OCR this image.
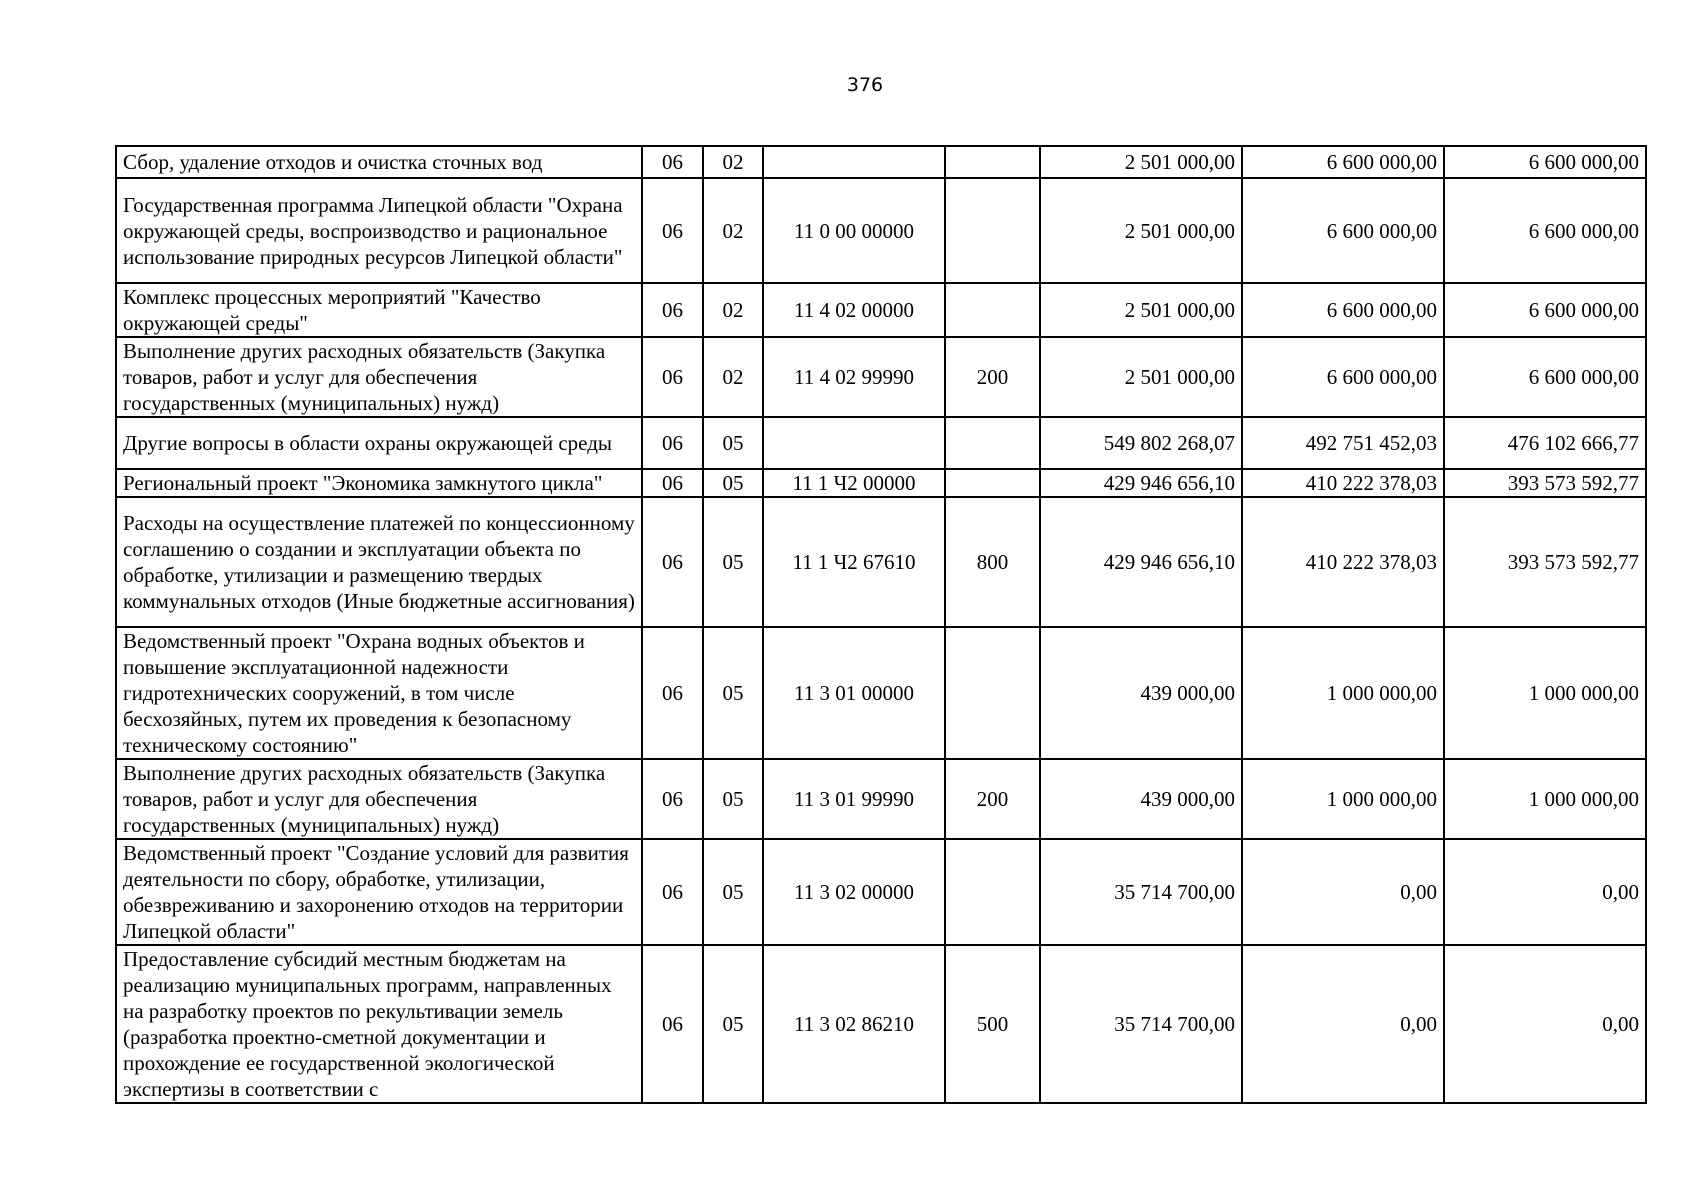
376
Сбор, удаление отходов и очистка сточных вод	06	02			2 501 000,00	6 600 000,00	6 600 000,00
Государственная программа Липецкой области "Охрана окружающей среды, воспроизводство и рациональное использование природных ресурсов Липецкой области"	06	02	11 0 00 00000		2 501 000,00	6 600 000,00	6 600 000,00
Комплекс процессных мероприятий "Качество окружающей среды"	06	02	11 4 02 00000		2 501 000,00	6 600 000,00	6 600 000,00
Выполнение других расходных обязательств (Закупка товаров, работ и услуг для обеспечения государственных (муниципальных) нужд)	06	02	11 4 02 99990	200	2 501 000,00	6 600 000,00	6 600 000,00
Другие вопросы в области охраны окружающей среды	06	05			549 802 268,07	492 751 452,03	476 102 666,77
Региональный проект "Экономика замкнутого цикла"	06	05	11 1 Ч2 00000		429 946 656,10	410 222 378,03	393 573 592,77
Расходы на осуществление платежей по концессионному соглашению о создании и эксплуатации объекта по обработке, утилизации и размещению твердых коммунальных отходов (Иные бюджетные ассигнования)	06	05	11 1 Ч2 67610	800	429 946 656,10	410 222 378,03	393 573 592,77
Ведомственный проект "Охрана водных объектов и повышение эксплуатационной надежности гидротехнических сооружений, в том числе бесхозяйных, путем их проведения к безопасному техническому состоянию"	06	05	11 3 01 00000		439 000,00	1 000 000,00	1 000 000,00
Выполнение других расходных обязательств (Закупка товаров, работ и услуг для обеспечения государственных (муниципальных) нужд)	06	05	11 3 01 99990	200	439 000,00	1 000 000,00	1 000 000,00
Ведомственный проект "Создание условий для развития деятельности по сбору, обработке, утилизации, обезвреживанию и захоронению отходов на территории Липецкой области"	06	05	11 3 02 00000		35 714 700,00	0,00	0,00
Предоставление субсидий местным бюджетам на реализацию муниципальных программ, направленных на разработку проектов по рекультивации земель (разработка проектно-сметной документации и прохождение ее государственной экологической экспертизы в соответствии с	06	05	11 3 02 86210	500	35 714 700,00	0,00	0,00
